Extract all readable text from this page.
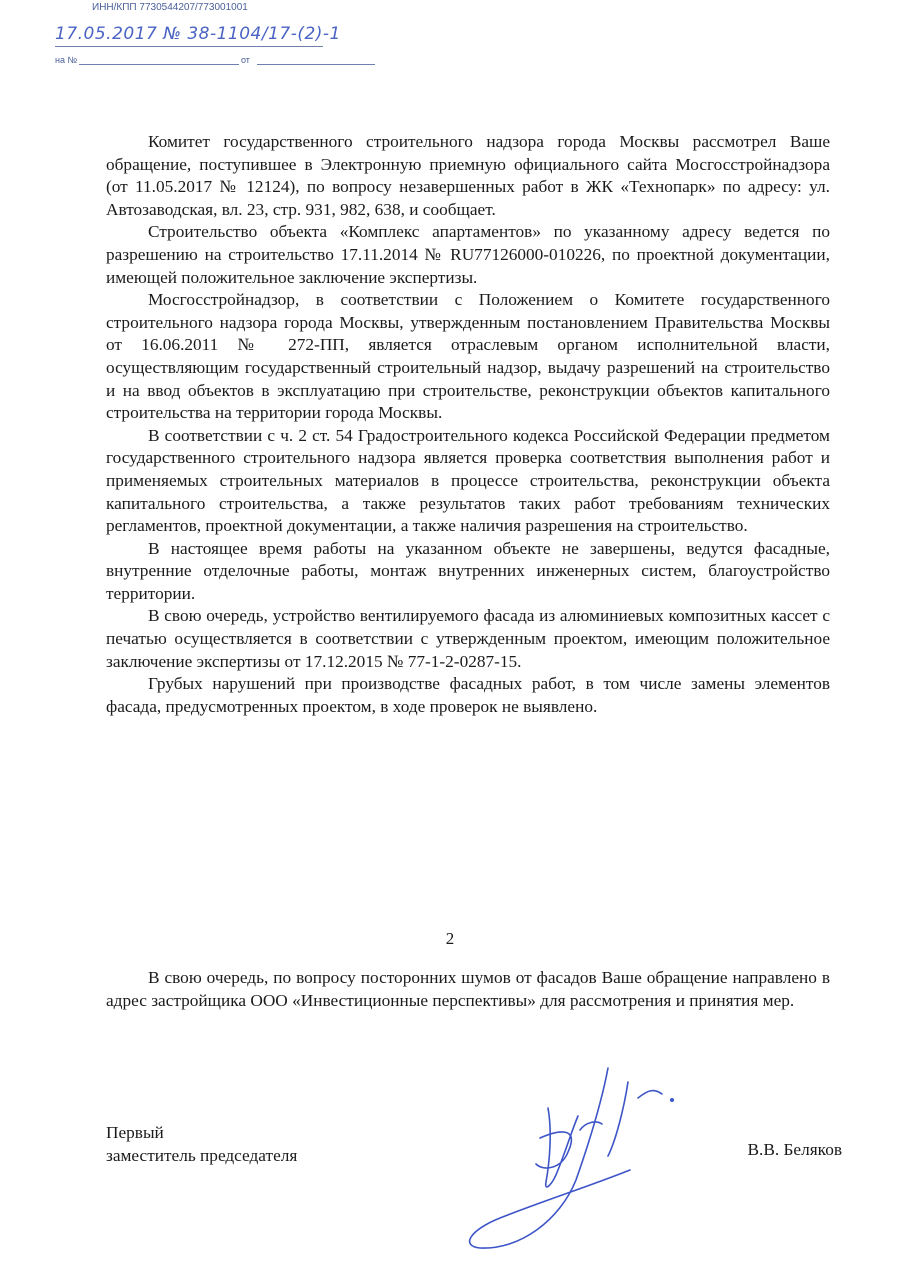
ИНН/КПП 7730544207/773001001
17.05.2017 № 38-1104/17-(2)-1
на №	от

Комитет государственного строительного надзора города Москвы рассмотрел Ваше обращение, поступившее в Электронную приемную официального сайта Мосгосстройнадзора (от 11.05.2017 № 12124), по вопросу незавершенных работ в ЖК «Технопарк» по адресу: ул. Автозаводская, вл. 23, стр. 931, 982, 638, и сообщает.

Строительство объекта «Комплекс апартаментов» по указанному адресу ведется по разрешению на строительство 17.11.2014 № RU77126000-010226, по проектной документации, имеющей положительное заключение экспертизы.

Мосгосстройнадзор, в соответствии с Положением о Комитете государственного строительного надзора города Москвы, утвержденным постановлением Правительства Москвы от 16.06.2011 № 272-ПП, является отраслевым органом исполнительной власти, осуществляющим государственный строительный надзор, выдачу разрешений на строительство и на ввод объектов в эксплуатацию при строительстве, реконструкции объектов капитального строительства на территории города Москвы.

В соответствии с ч. 2 ст. 54 Градостроительного кодекса Российской Федерации предметом государственного строительного надзора является проверка соответствия выполнения работ и применяемых строительных материалов в процессе строительства, реконструкции объекта капитального строительства, а также результатов таких работ требованиям технических регламентов, проектной документации, а также наличия разрешения на строительство.

В настоящее время работы на указанном объекте не завершены, ведутся фасадные, внутренние отделочные работы, монтаж внутренних инженерных систем, благоустройство территории.

В свою очередь, устройство вентилируемого фасада из алюминиевых композитных кассет с печатью осуществляется в соответствии с утвержденным проектом, имеющим положительное заключение экспертизы от 17.12.2015 № 77-1-2-0287-15.

Грубых нарушений при производстве фасадных работ, в том числе замены элементов фасада, предусмотренных проектом, в ходе проверок не выявлено.

2

В свою очередь, по вопросу посторонних шумов от фасадов Ваше обращение направлено в адрес застройщика ООО «Инвестиционные перспективы» для рассмотрения и принятия мер.

Первый
заместитель председателя	В.В. Беляков
